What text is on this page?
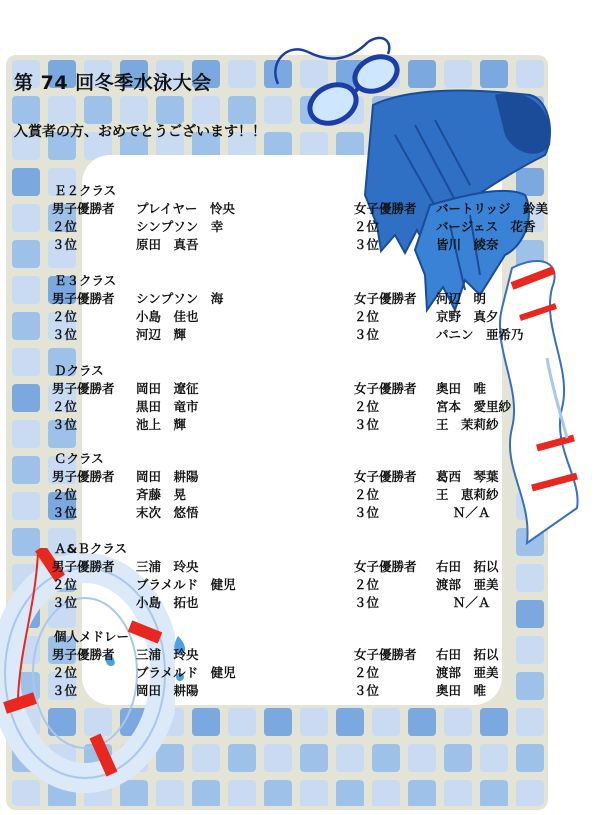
第 74 回冬季水泳大会
入賞者の方、おめでとうございます！！
Ｅ２クラス
男子優勝者 プレイヤー　怜央	女子優勝者 バートリッジ　鈴美
２位	シンプソン　幸	２位	バージェス　花香
３位	原田　真吾	３位	皆川　綾奈
Ｅ３クラス
男子優勝者 シンプソン　海	女子優勝者 河辺　明
２位	小島　佳也	２位	京野　真夕
３位	河辺　輝	３位	パニン　亜希乃
Ｄクラス
男子優勝者 岡田　遼征	女子優勝者 奥田　唯
２位	黒田　竜市	２位	宮本　愛里紗
３位	池上　輝	３位	王　茉莉紗
Ｃクラス
男子優勝者 岡田　耕陽	女子優勝者 葛西　琴葉
２位	斉藤　晃	２位	王　恵莉紗
３位	末次　悠悟	３位	　 Ｎ／Ａ
Ａ&Ｂクラス
男子優勝者 三浦　玲央	女子優勝者 右田　拓以
２位	ブラメルド　健児	２位	渡部　亜美
３位	小島　拓也	３位	　 Ｎ／Ａ
個人メドレー
男子優勝者 三浦　玲央	女子優勝者 右田　拓以
２位	ブラメルド　健児	２位	渡部　亜美
３位	岡田　耕陽	３位	奥田　唯
